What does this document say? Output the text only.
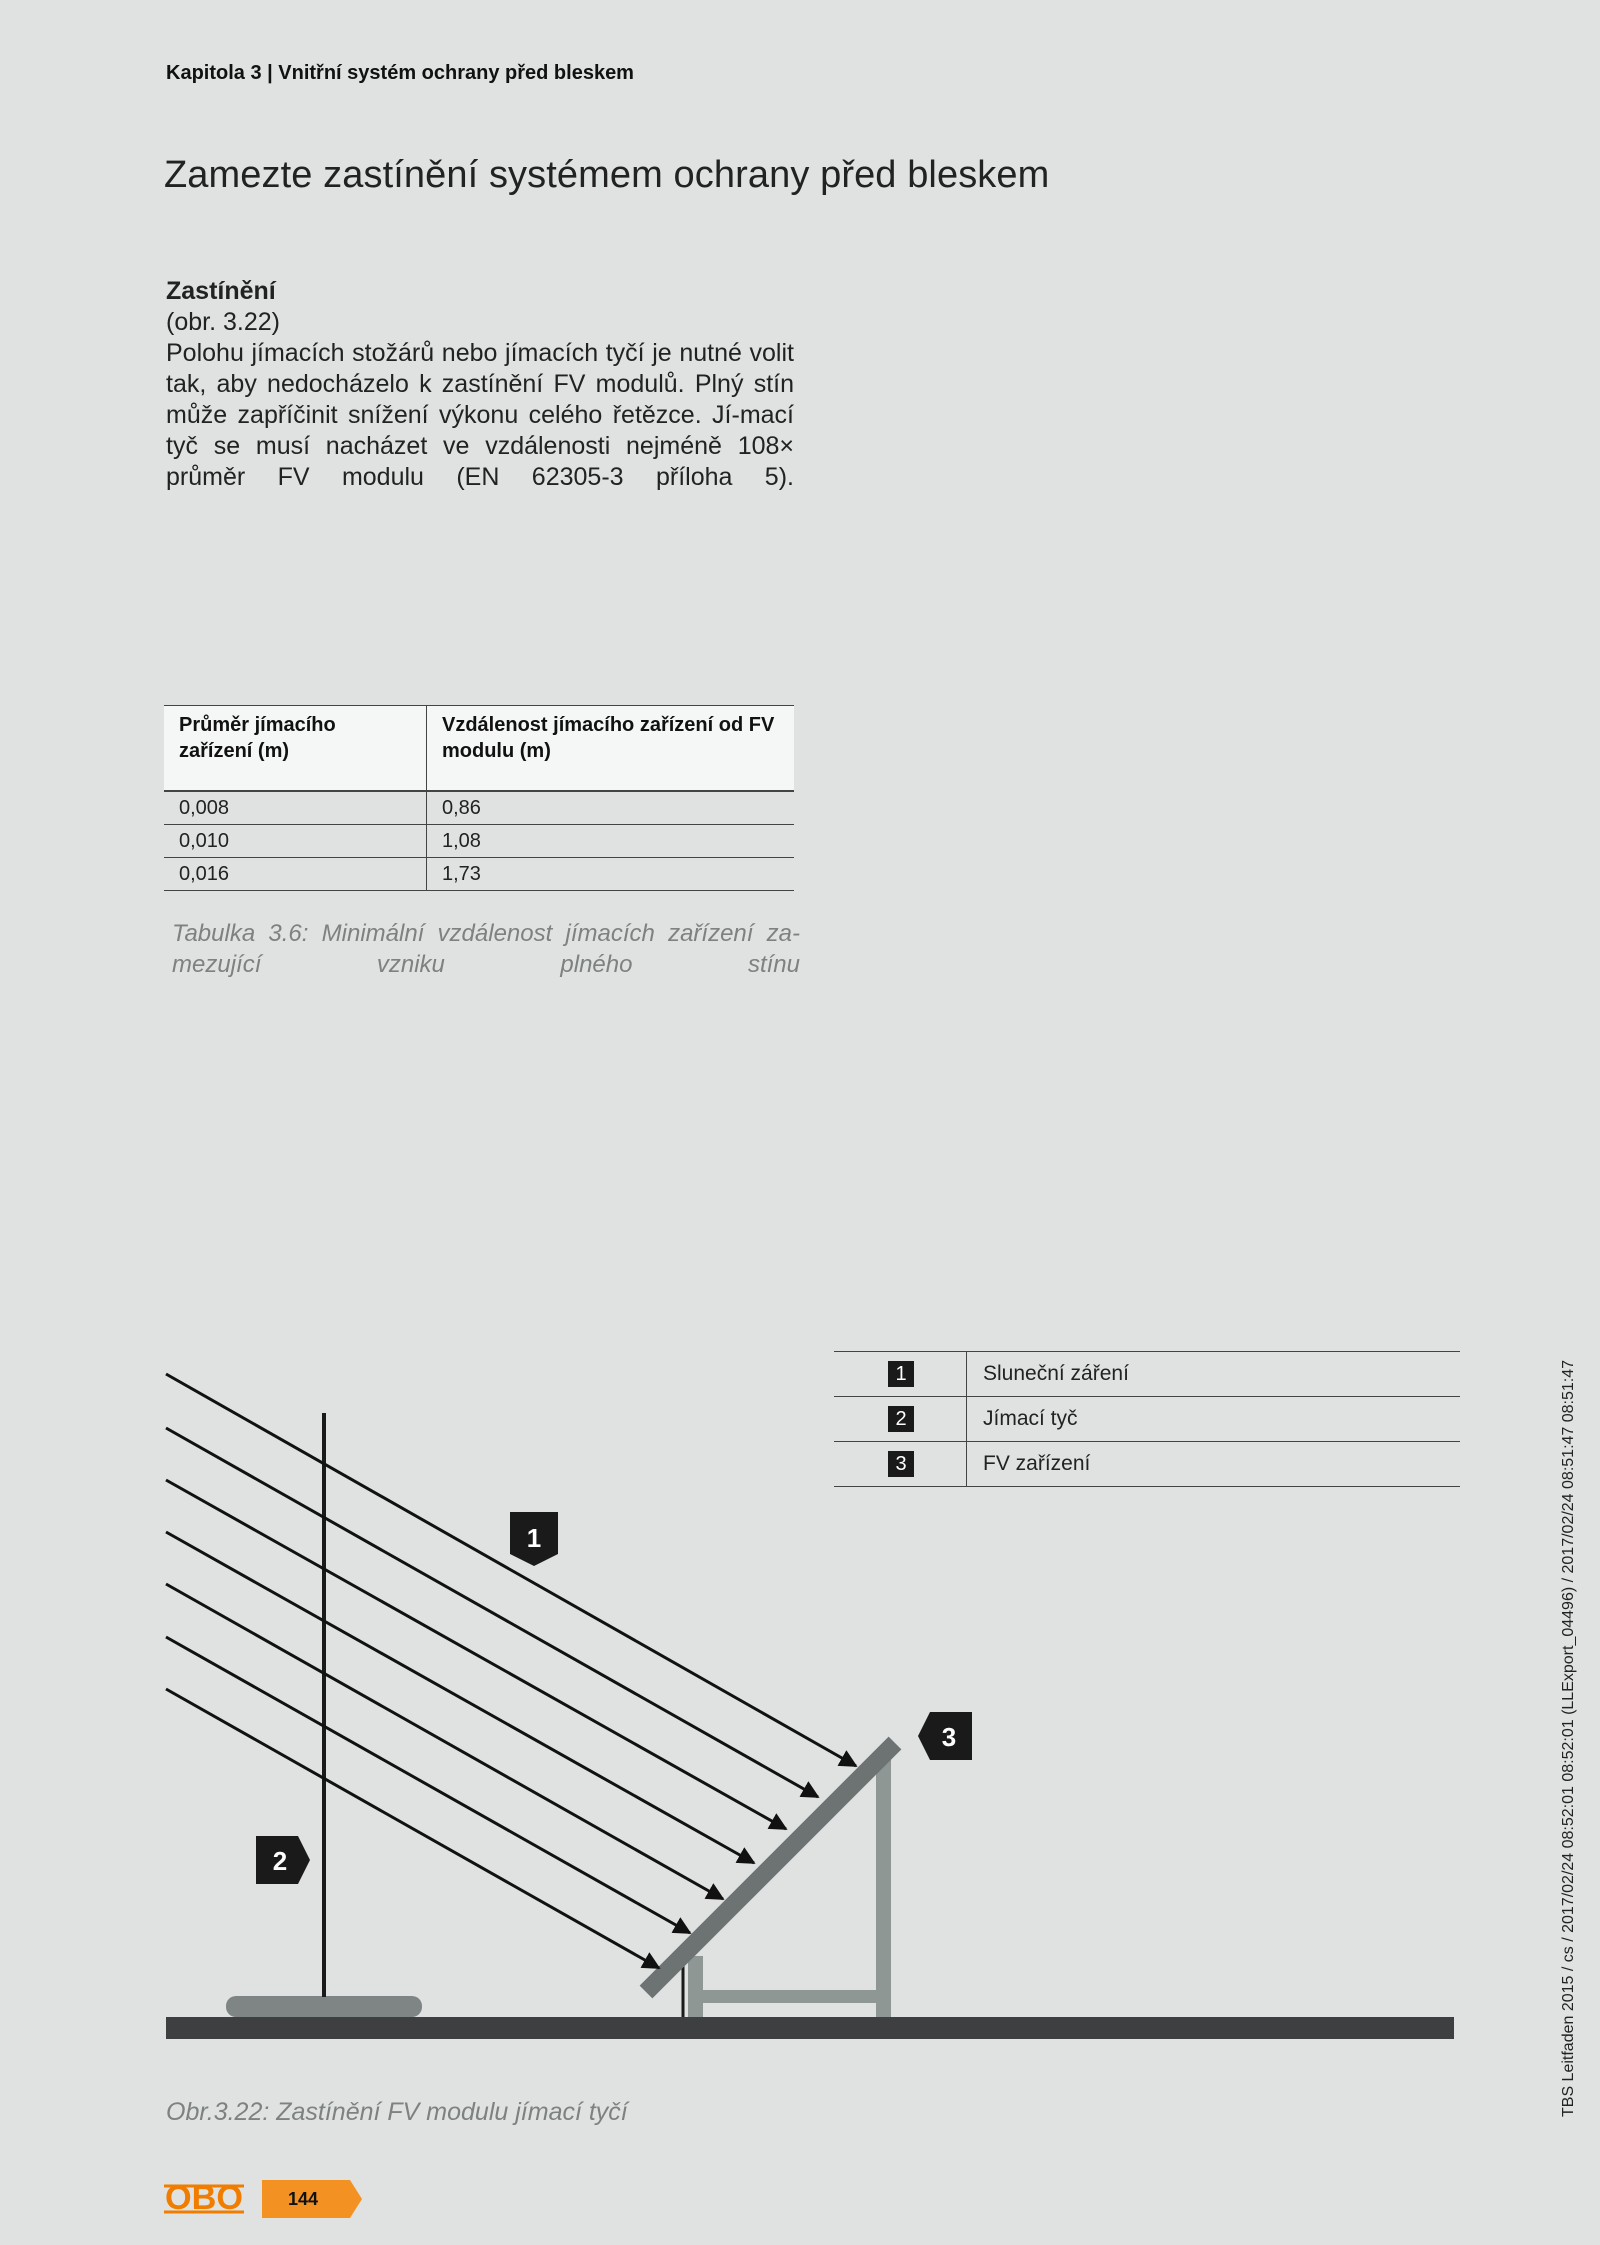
Kapitola 3 | Vnitřní systém ochrany před bleskem
Zamezte zastínění systémem ochrany před bleskem
Zastínění
(obr. 3.22)
Polohu jímacích stožárů nebo jímacích tyčí je nutné volit tak, aby nedocházelo k zastínění FV modulů. Plný stín může zapříčinit snížení výkonu celého řetězce. Jí-mací tyč se musí nacházet ve vzdálenosti nejméně 108× průměr FV modulu (EN 62305-3 příloha 5).
Průměr jímacího zařízení (m)	Vzdálenost jímacího zařízení od FV modulu (m)

0,008	0,86
0,010	1,08
0,016	1,73
Tabulka 3.6: Minimální vzdálenost jímacích zařízení za-mezující vzniku plného stínu
1	Sluneční záření
2	Jímací tyč
3	FV zařízení
1
2
3
Obr.3.22: Zastínění FV modulu jímací tyčí	TBS Leitfaden 2015 / cs / 2017/02/24 08:52:01 08:52:01 (LLExport_04496) / 2017/02/24 08:51:47 08:51:47
OBO	144
